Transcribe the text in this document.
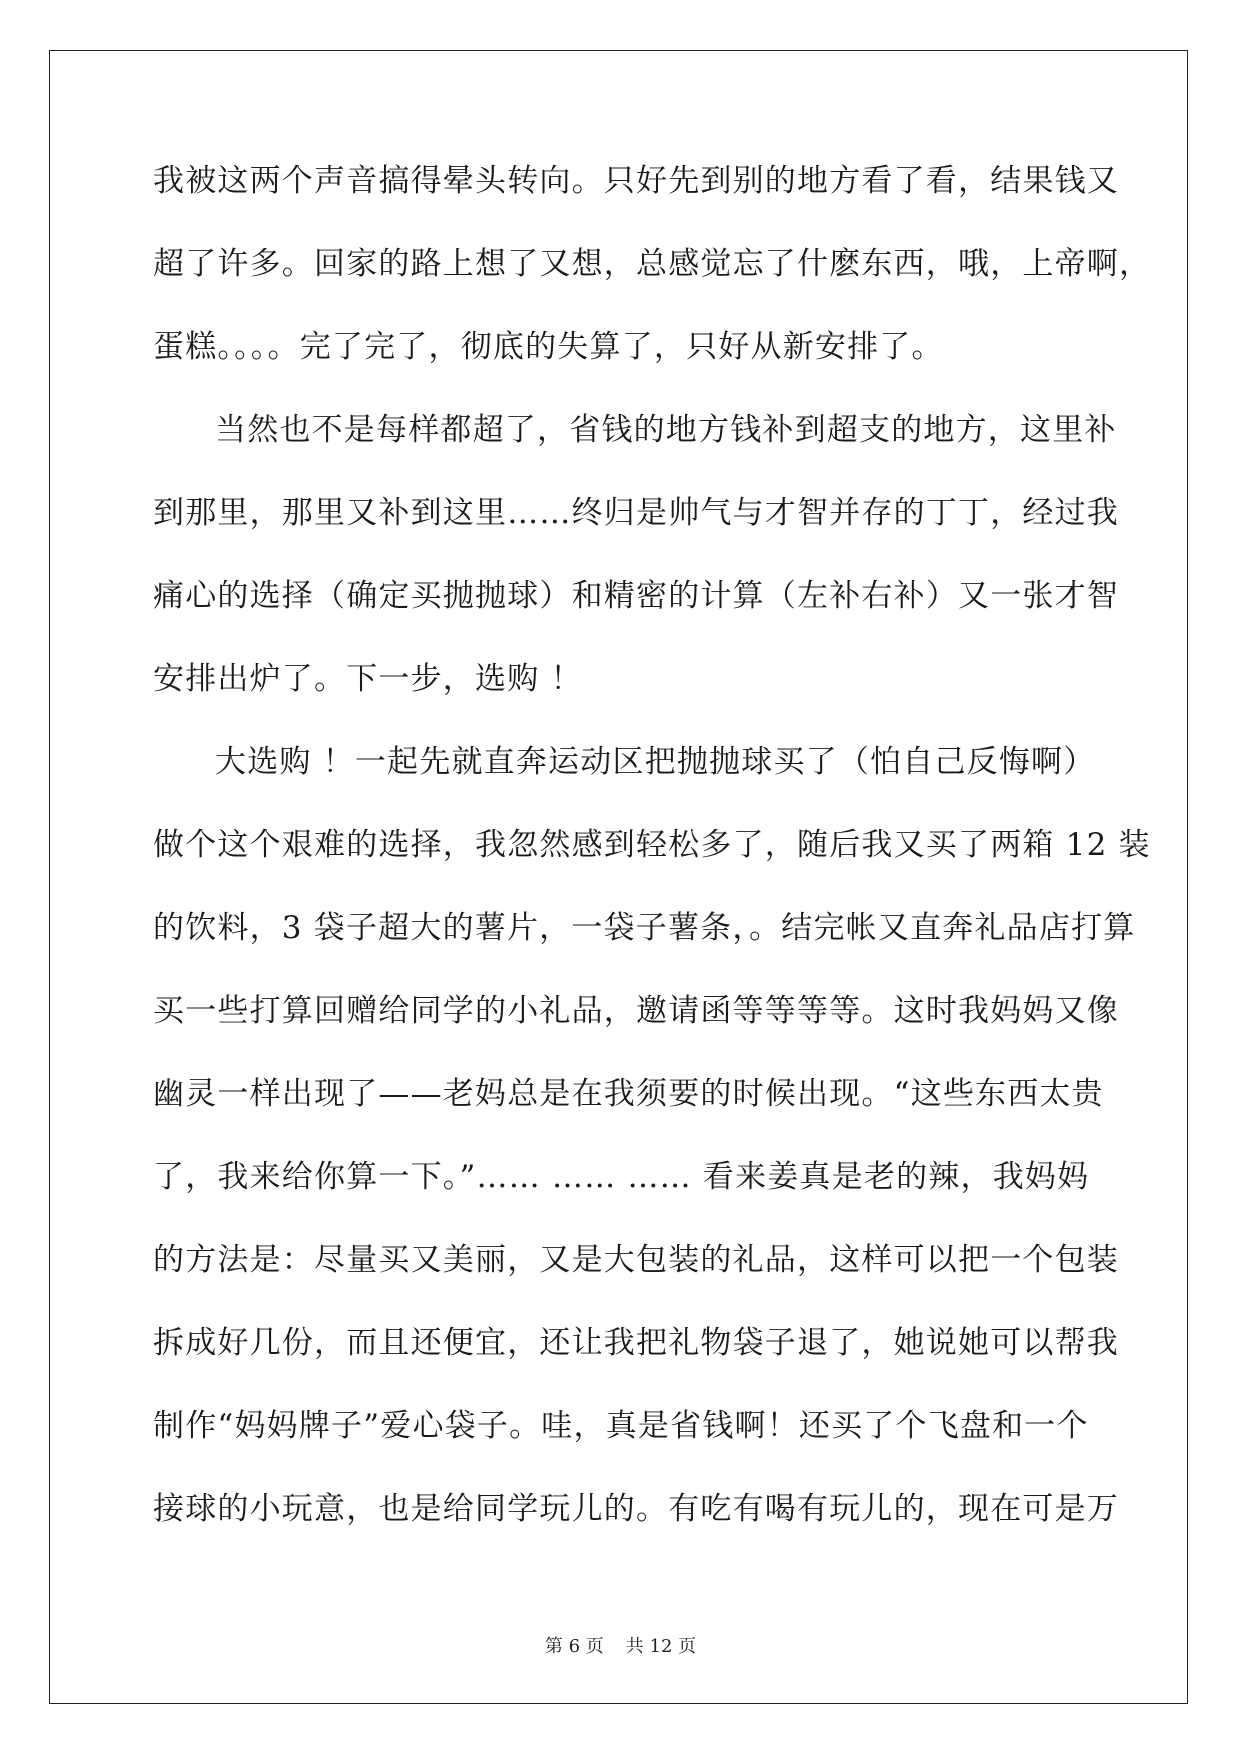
我被这两个声音搞得晕头转向。只好先到别的地方看了看，结果钱又
超了许多。回家的路上想了又想，总感觉忘了什麽东西，哦，上帝啊，
蛋糕。。。。完了完了，彻底的失算了，只好从新安排了。
当然也不是每样都超了，省钱的地方钱补到超支的地方，这里补
到那里，那里又补到这里……终归是帅气与才智并存的丁丁，经过我
痛心的选择（确定买抛抛球）和精密的计算（左补右补）又一张才智
安排出炉了。下一步，选购 ！
大选购 ！一起先就直奔运动区把抛抛球买了（怕自己反悔啊）
做个这个艰难的选择，我忽然感到轻松多了，随后我又买了两箱 12 装
的饮料，3 袋子超大的薯片，一袋子薯条，。结完帐又直奔礼品店打算
买一些打算回赠给同学的小礼品，邀请函等等等等。这时我妈妈又像
幽灵一样出现了——老妈总是在我须要的时候出现。“这些东西太贵
了，我来给你算一下。”…… …… …… 看来姜真是老的辣，我妈妈
的方法是：尽量买又美丽，又是大包装的礼品，这样可以把一个包装
拆成好几份，而且还便宜，还让我把礼物袋子退了，她说她可以帮我
制作“妈妈牌子”爱心袋子。哇，真是省钱啊！还买了个飞盘和一个
接球的小玩意，也是给同学玩儿的。有吃有喝有玩儿的，现在可是万
第 6 页 共 12 页
